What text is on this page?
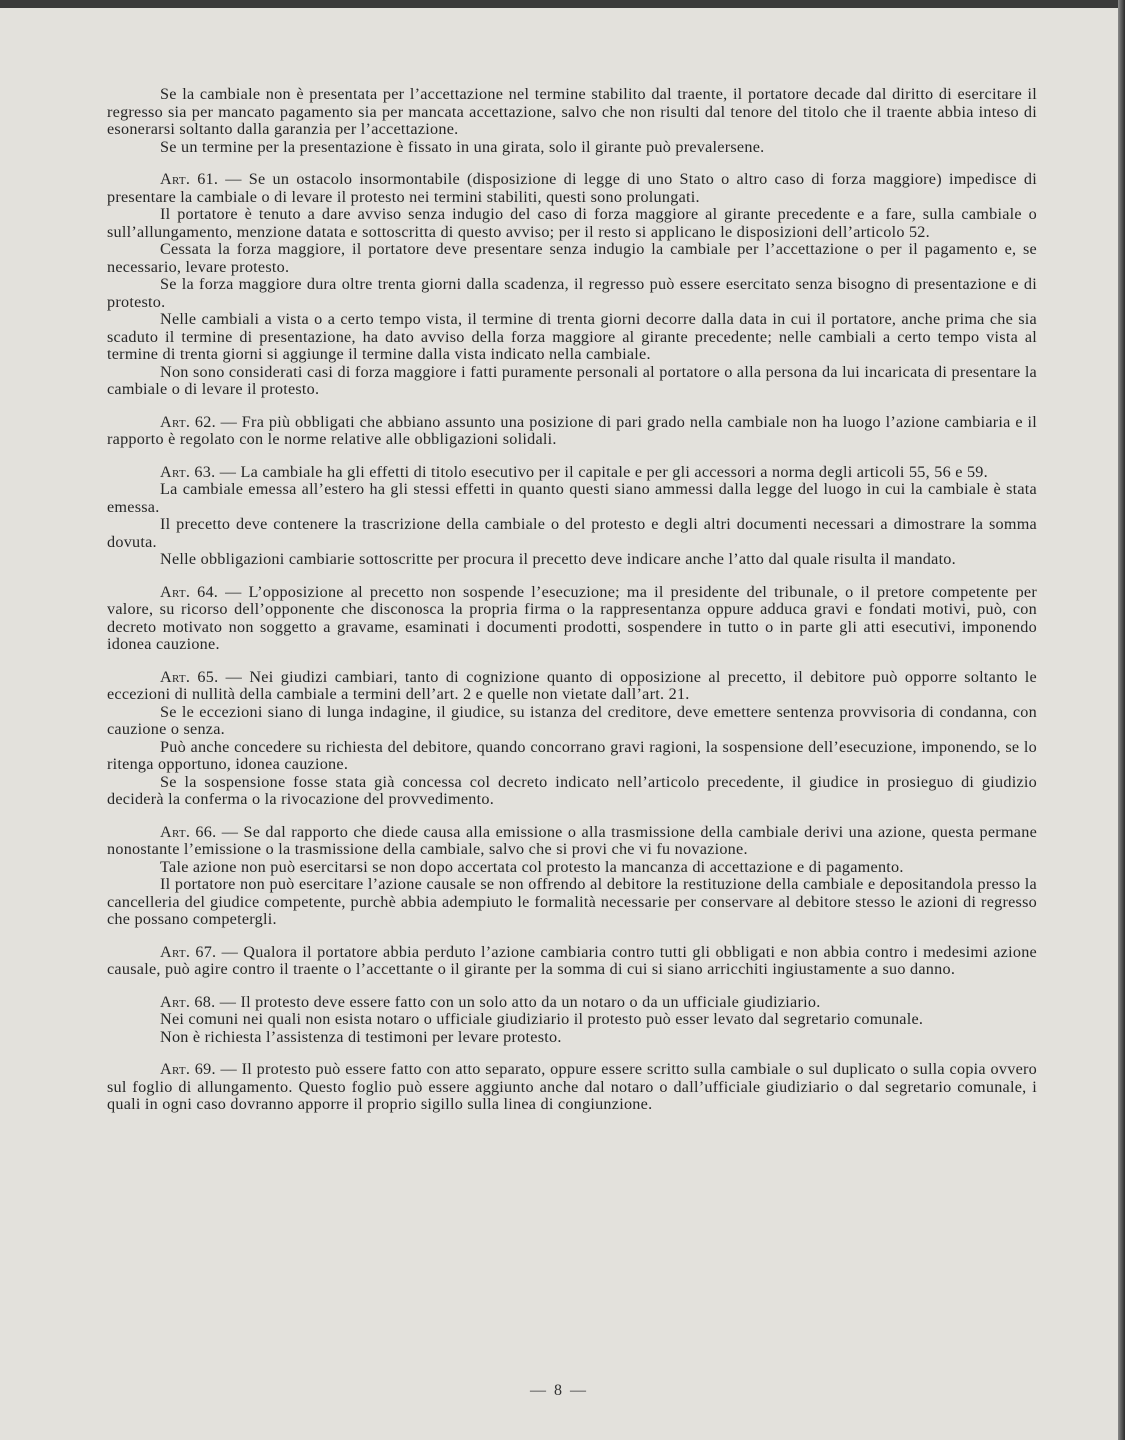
Se la cambiale non è presentata per l’accettazione nel termine stabilito dal traente, il portatore decade dal diritto di esercitare il regresso sia per mancato pagamento sia per mancata accettazione, salvo che non risulti dal tenore del titolo che il traente abbia inteso di esonerarsi soltanto dalla garanzia per l’accettazione.

Se un termine per la presentazione è fissato in una girata, solo il girante può prevalersene.

Art. 61. — Se un ostacolo insormontabile (disposizione di legge di uno Stato o altro caso di forza maggiore) impedisce di presentare la cambiale o di levare il protesto nei termini stabiliti, questi sono prolungati.

Il portatore è tenuto a dare avviso senza indugio del caso di forza maggiore al girante precedente e a fare, sulla cambiale o sull’allungamento, menzione datata e sottoscritta di questo avviso; per il resto si applicano le disposizioni dell’articolo 52.

Cessata la forza maggiore, il portatore deve presentare senza indugio la cambiale per l’accettazione o per il pagamento e, se necessario, levare protesto.

Se la forza maggiore dura oltre trenta giorni dalla scadenza, il regresso può essere esercitato senza bisogno di presentazione e di protesto.

Nelle cambiali a vista o a certo tempo vista, il termine di trenta giorni decorre dalla data in cui il portatore, anche prima che sia scaduto il termine di presentazione, ha dato avviso della forza maggiore al girante precedente; nelle cambiali a certo tempo vista al termine di trenta giorni si aggiunge il termine dalla vista indicato nella cambiale.

Non sono considerati casi di forza maggiore i fatti puramente personali al portatore o alla persona da lui incaricata di presentare la cambiale o di levare il protesto.

Art. 62. — Fra più obbligati che abbiano assunto una posizione di pari grado nella cambiale non ha luogo l’azione cambiaria e il rapporto è regolato con le norme relative alle obbligazioni solidali.

Art. 63. — La cambiale ha gli effetti di titolo esecutivo per il capitale e per gli accessori a norma degli articoli 55, 56 e 59.

La cambiale emessa all’estero ha gli stessi effetti in quanto questi siano ammessi dalla legge del luogo in cui la cambiale è stata emessa.

Il precetto deve contenere la trascrizione della cambiale o del protesto e degli altri documenti necessari a dimostrare la somma dovuta.

Nelle obbligazioni cambiarie sottoscritte per procura il precetto deve indicare anche l’atto dal quale risulta il mandato.

Art. 64. — L’opposizione al precetto non sospende l’esecuzione; ma il presidente del tribunale, o il pretore competente per valore, su ricorso dell’opponente che disconosca la propria firma o la rappresentanza oppure adduca gravi e fondati motivi, può, con decreto motivato non soggetto a gravame, esaminati i documenti prodotti, sospendere in tutto o in parte gli atti esecutivi, imponendo idonea cauzione.

Art. 65. — Nei giudizi cambiari, tanto di cognizione quanto di opposizione al precetto, il debitore può opporre soltanto le eccezioni di nullità della cambiale a termini dell’art. 2 e quelle non vietate dall’art. 21.

Se le eccezioni siano di lunga indagine, il giudice, su istanza del creditore, deve emettere sentenza provvisoria di condanna, con cauzione o senza.

Può anche concedere su richiesta del debitore, quando concorrano gravi ragioni, la sospensione dell’esecuzione, imponendo, se lo ritenga opportuno, idonea cauzione.

Se la sospensione fosse stata già concessa col decreto indicato nell’articolo precedente, il giudice in prosieguo di giudizio deciderà la conferma o la rivocazione del provvedimento.

Art. 66. — Se dal rapporto che diede causa alla emissione o alla trasmissione della cambiale derivi una azione, questa permane nonostante l’emissione o la trasmissione della cambiale, salvo che si provi che vi fu novazione.

Tale azione non può esercitarsi se non dopo accertata col protesto la mancanza di accettazione e di pagamento.

Il portatore non può esercitare l’azione causale se non offrendo al debitore la restituzione della cambiale e depositandola presso la cancelleria del giudice competente, purchè abbia adempiuto le formalità necessarie per conservare al debitore stesso le azioni di regresso che possano competergli.

Art. 67. — Qualora il portatore abbia perduto l’azione cambiaria contro tutti gli obbligati e non abbia contro i medesimi azione causale, può agire contro il traente o l’accettante o il girante per la somma di cui si siano arricchiti ingiustamente a suo danno.

Art. 68. — Il protesto deve essere fatto con un solo atto da un notaro o da un ufficiale giudiziario.

Nei comuni nei quali non esista notaro o ufficiale giudiziario il protesto può esser levato dal segretario comunale.

Non è richiesta l’assistenza di testimoni per levare protesto.

Art. 69. — Il protesto può essere fatto con atto separato, oppure essere scritto sulla cambiale o sul duplicato o sulla copia ovvero sul foglio di allungamento. Questo foglio può essere aggiunto anche dal notaro o dall’ufficiale giudiziario o dal segretario comunale, i quali in ogni caso dovranno apporre il proprio sigillo sulla linea di congiunzione.

— 8 —
